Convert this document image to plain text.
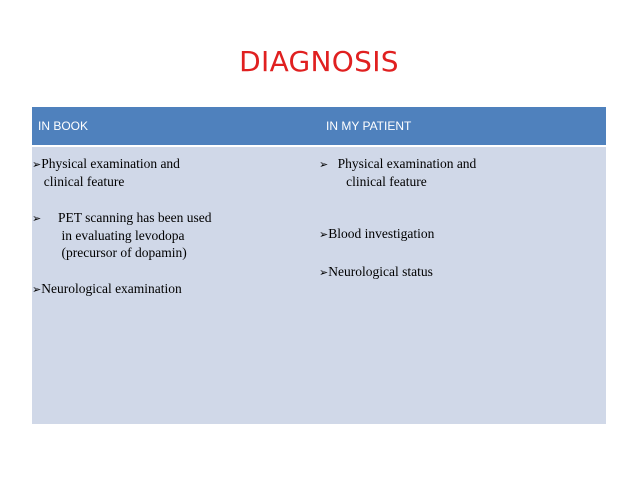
DIAGNOSIS
IN BOOK	IN MY PATIENT
➢Physical examination and
clinical feature
➢  PET scanning has been used
in evaluating levodopa
(precursor of dopamin)
➢Neurological examination
➢ Physical examination and
clinical feature
➢Blood investigation
➢Neurological status
